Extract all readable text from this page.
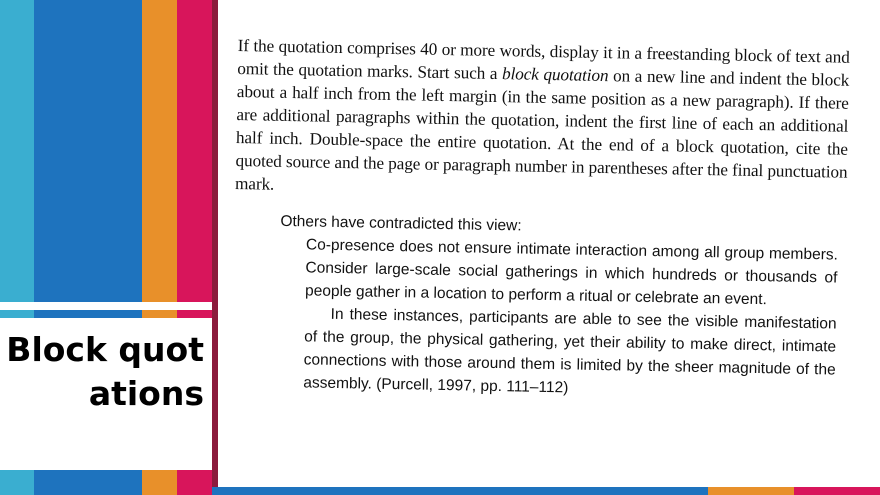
Block quotations

If the quotation comprises 40 or more words, display it in a freestanding block of text and omit the quotation marks. Start such a block quotation on a new line and indent the block about a half inch from the left margin (in the same position as a new paragraph). If there are additional paragraphs within the quotation, indent the first line of each an additional half inch. Double-space the entire quotation. At the end of a block quotation, cite the quoted source and the page or paragraph number in parentheses after the final punctuation mark.

Others have contradicted this view:

Co-presence does not ensure intimate interaction among all group members. Consider large-scale social gatherings in which hundreds or thousands of people gather in a location to perform a ritual or celebrate an event.

In these instances, participants are able to see the visible manifestation of the group, the physical gathering, yet their ability to make direct, intimate connections with those around them is limited by the sheer magnitude of the assembly. (Purcell, 1997, pp. 111–112)
